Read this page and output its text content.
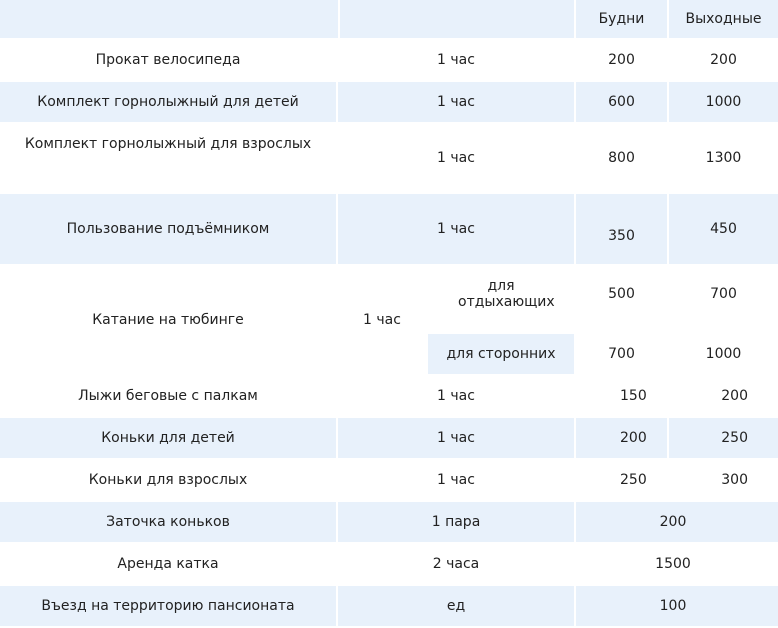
			Будни	Выходные
Прокат велосипеда	1 час		200	200
Комплект горнолыжный для детей	1 час		600	1000
Комплект горнолыжный для взрослых	1 час		800	1300
Пользование подъёмником	1 час		350	450
Катание на тюбинге	1 час	для отдыхающих	500	700
		для сторонних	700	1000
Лыжи беговые с палкам	1 час		150	200
Коньки для детей	1 час		200	250
Коньки для взрослых	1 час		250	300
Заточка коньков	1 пара		200	
Аренда катка	2 часа		1500	
Въезд на территорию пансионата	ед		100	
